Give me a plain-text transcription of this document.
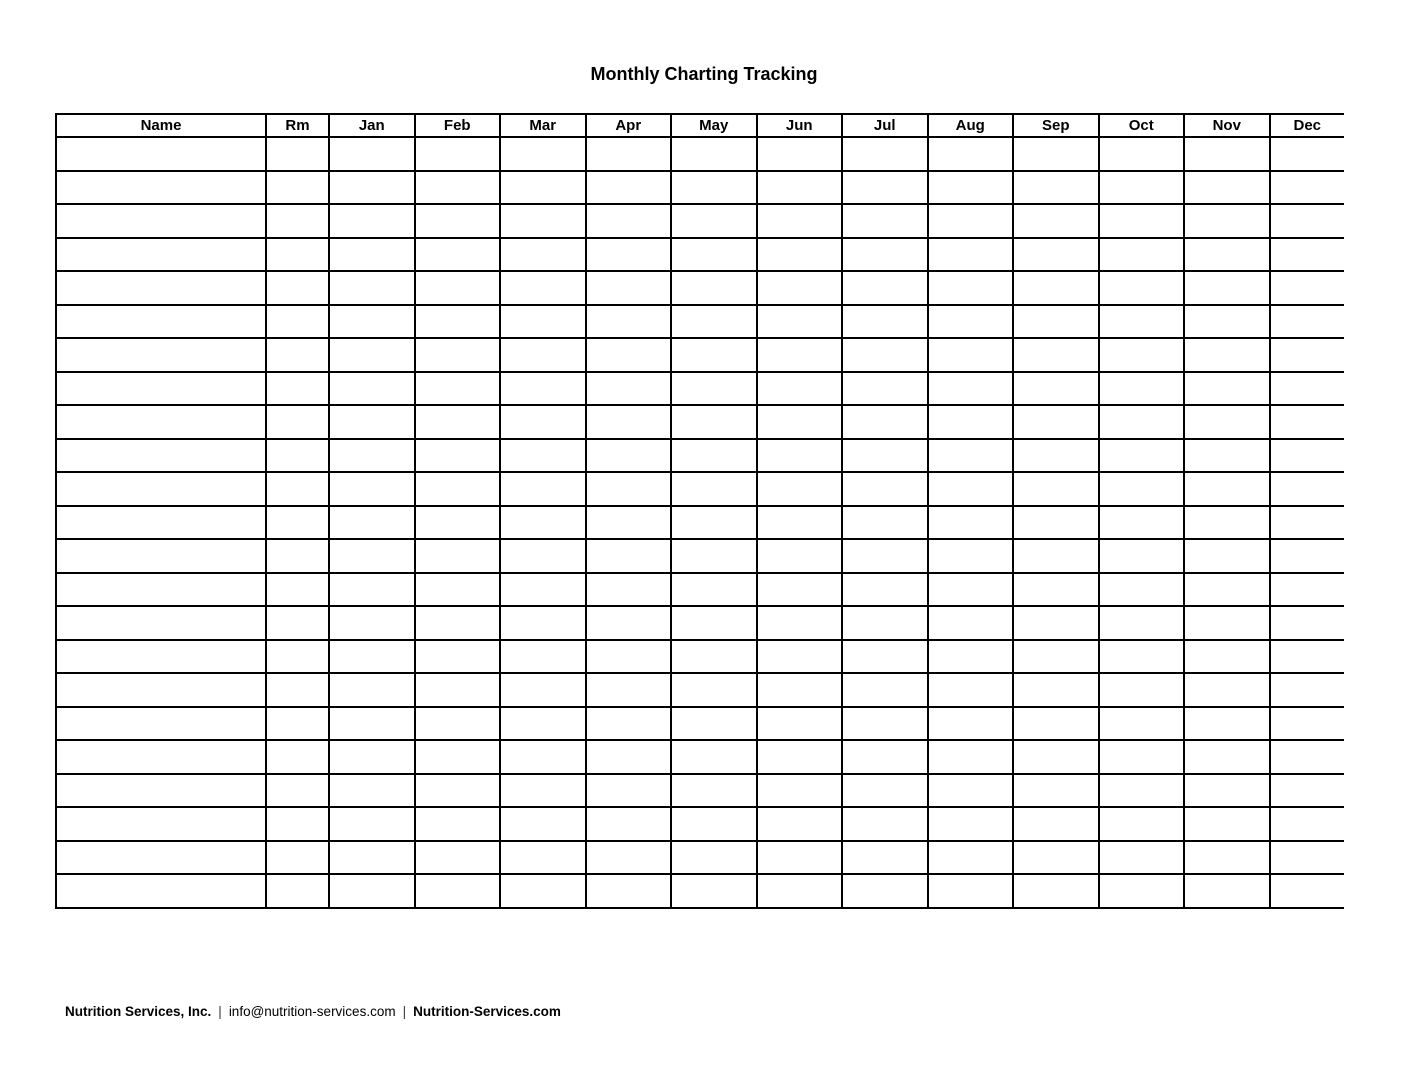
Monthly Charting Tracking
Name	Rm	Jan	Feb	Mar	Apr	May	Jun	Jul	Aug	Sep	Oct	Nov	Dec

Nutrition Services, Inc. | info@nutrition-services.com | Nutrition-Services.com
